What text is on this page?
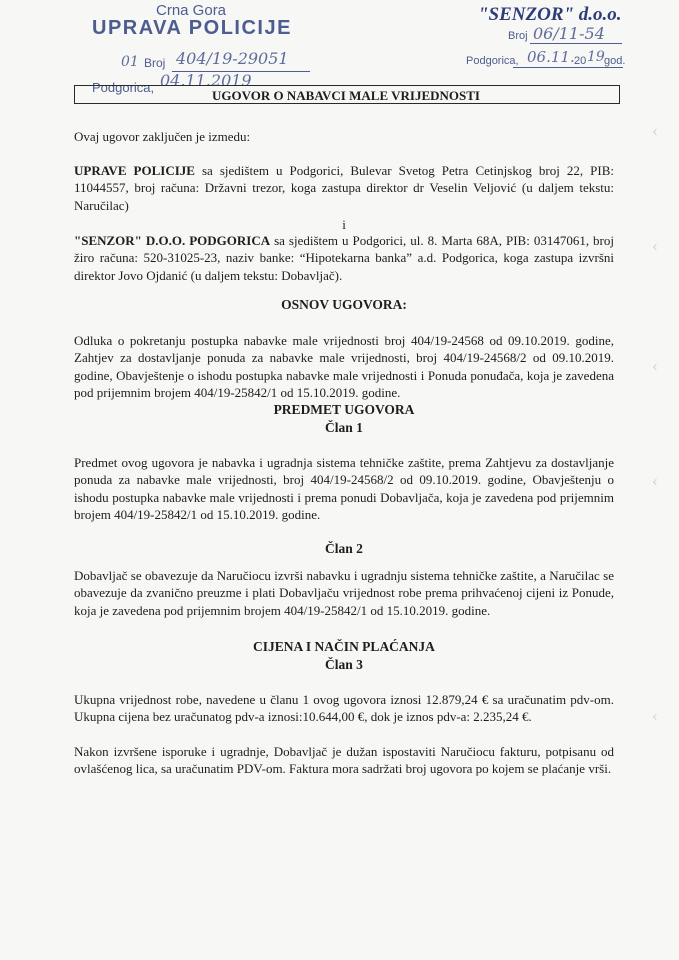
‹
‹
‹
‹
‹
Crna Gora
UPRAVA POLICIJE
01 Broj 404/19-29051
Podgorica, 04.11.2019
"SENZOR" d.o.o.
Broj 06/11-54
Podgorica, 06.11. 20 19 god.
UGOVOR O NABAVCI MALE VRIJEDNOSTI
Ovaj ugovor zaključen je izmedu:
UPRAVE POLICIJE sa sjedištem u Podgorici, Bulevar Svetog Petra Cetinjskog broj 22, PIB: 11044557, broj računa: Državni trezor, koga zastupa direktor dr Veselin Veljović (u daljem tekstu: Naručilac)
i
"SENZOR" D.O.O. PODGORICA sa sjedištem u Podgorici, ul. 8. Marta 68A, PIB: 03147061, broj žiro računa: 520-31025-23, naziv banke: “Hipotekarna banka” a.d. Podgorica, koga zastupa izvršni direktor Jovo Ojdanić (u daljem tekstu: Dobavljač).
OSNOV UGOVORA:
Odluka o pokretanju postupka nabavke male vrijednosti broj 404/19-24568 od 09.10.2019. godine, Zahtjev za dostavljanje ponuda za nabavke male vrijednosti, broj 404/19-24568/2 od 09.10.2019. godine, Obavještenje o ishodu postupka nabavke male vrijednosti i Ponuda ponuđača, koja je zavedena pod prijemnim brojem 404/19-25842/1 od 15.10.2019. godine.
PREDMET UGOVORA
Član 1
Predmet ovog ugovora je nabavka i ugradnja sistema tehničke zaštite, prema Zahtjevu za dostavljanje ponuda za nabavke male vrijednosti, broj 404/19-24568/2 od 09.10.2019. godine, Obavještenju o ishodu postupka nabavke male vrijednosti i prema ponudi Dobavljača, koja je zavedena pod prijemnim brojem 404/19-25842/1 od 15.10.2019. godine.
Član 2
Dobavljač se obavezuje da Naručiocu izvrši nabavku i ugradnju sistema tehničke zaštite, a Naručilac se obavezuje da zvanično preuzme i plati Dobavljaču vrijednost robe prema prihvaćenoj cijeni iz Ponude, koja je zavedena pod prijemnim brojem 404/19-25842/1 od 15.10.2019. godine.
CIJENA I NAČIN PLAĆANJA
Član 3
Ukupna vrijednost robe, navedene u članu 1 ovog ugovora iznosi 12.879,24 € sa uračunatim pdv-om. Ukupna cijena bez uračunatog pdv-a iznosi:10.644,00 €, dok je iznos pdv-a: 2.235,24 €.
Nakon izvršene isporuke i ugradnje, Dobavljač je dužan ispostaviti Naručiocu fakturu, potpisanu od ovlašćenog lica, sa uračunatim PDV-om. Faktura mora sadržati broj ugovora po kojem se plaćanje vrši.
